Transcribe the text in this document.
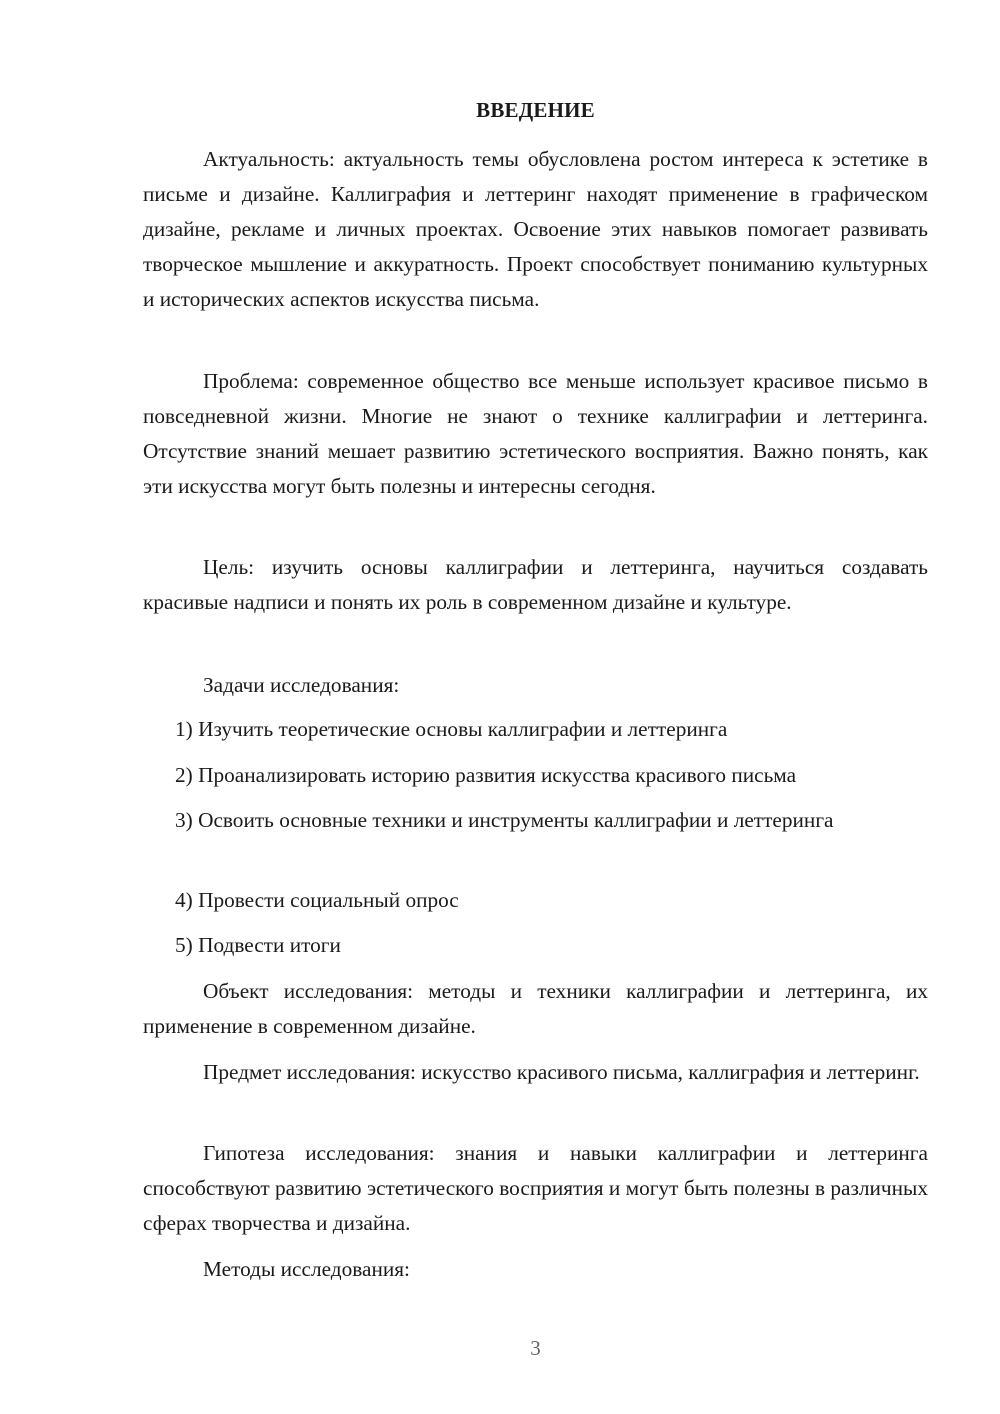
ВВЕДЕНИЕ

Актуальность: актуальность темы обусловлена ростом интереса к эстетике в письме и дизайне. Каллиграфия и леттеринг находят применение в графическом дизайне, рекламе и личных проектах. Освоение этих навыков помогает развивать творческое мышление и аккуратность. Проект способствует пониманию культурных и исторических аспектов искусства письма.

Проблема: современное общество все меньше использует красивое письмо в повседневной жизни. Многие не знают о технике каллиграфии и леттеринга. Отсутствие знаний мешает развитию эстетического восприятия. Важно понять, как эти искусства могут быть полезны и интересны сегодня.

Цель: изучить основы каллиграфии и леттеринга, научиться создавать красивые надписи и понять их роль в современном дизайне и культуре.

Задачи исследования:

1) Изучить теоретические основы каллиграфии и леттеринга

2) Проанализировать историю развития искусства красивого письма

3) Освоить основные техники и инструменты каллиграфии и леттеринга

4) Провести социальный опрос

5) Подвести итоги

Объект исследования: методы и техники каллиграфии и леттеринга, их применение в современном дизайне.

Предмет исследования: искусство красивого письма, каллиграфия и леттеринг.

Гипотеза исследования: знания и навыки каллиграфии и леттеринга способствуют развитию эстетического восприятия и могут быть полезны в различных сферах творчества и дизайна.

Методы исследования:

3
